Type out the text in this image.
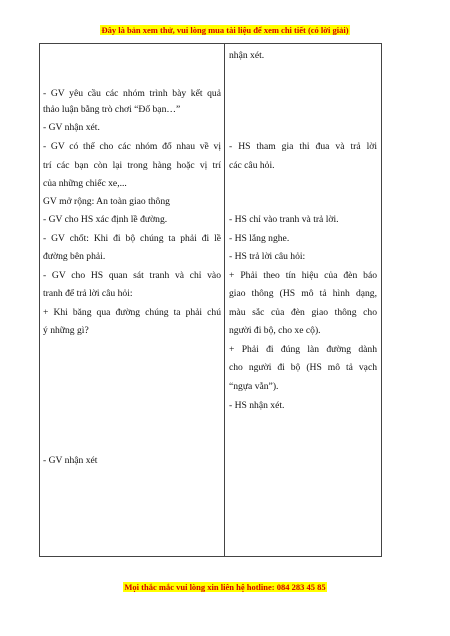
Đây là bản xem thử, vui lòng mua tài liệu để xem chi tiết (có lời giải)
- GV yêu cầu các nhóm trình bày kết quả
thảo luận bằng trò chơi “Đố bạn…”
- GV nhận xét.
- GV có thể cho các nhóm đố nhau về vị
trí các bạn còn lại trong hàng hoặc vị trí
của những chiếc xe,...
GV mở rộng: An toàn giao thông
- GV cho HS xác định lề đường.
- GV chốt: Khi đi bộ chúng ta phải đi lề
đường bên phải.
- GV cho HS quan sát tranh và chỉ vào
tranh để trả lời câu hỏi:
+ Khi băng qua đường chúng ta phải chú
ý những gì?
- GV nhận xét
nhận xét.
- HS tham gia thi đua và trả lời
các câu hỏi.
- HS chỉ vào tranh và trả lời.
- HS lắng nghe.
- HS trả lời câu hỏi:
+ Phải theo tín hiệu của đèn báo
giao thông (HS mô tả hình dạng,
màu sắc của đèn giao thông cho
người đi bộ, cho xe cộ).
+ Phải đi đúng làn đường dành
cho người đi bộ (HS mô tả vạch
“ngựa vằn”).
- HS nhận xét.
Mọi thắc mắc vui lòng xin liên hệ hotline: 084 283 45 85
